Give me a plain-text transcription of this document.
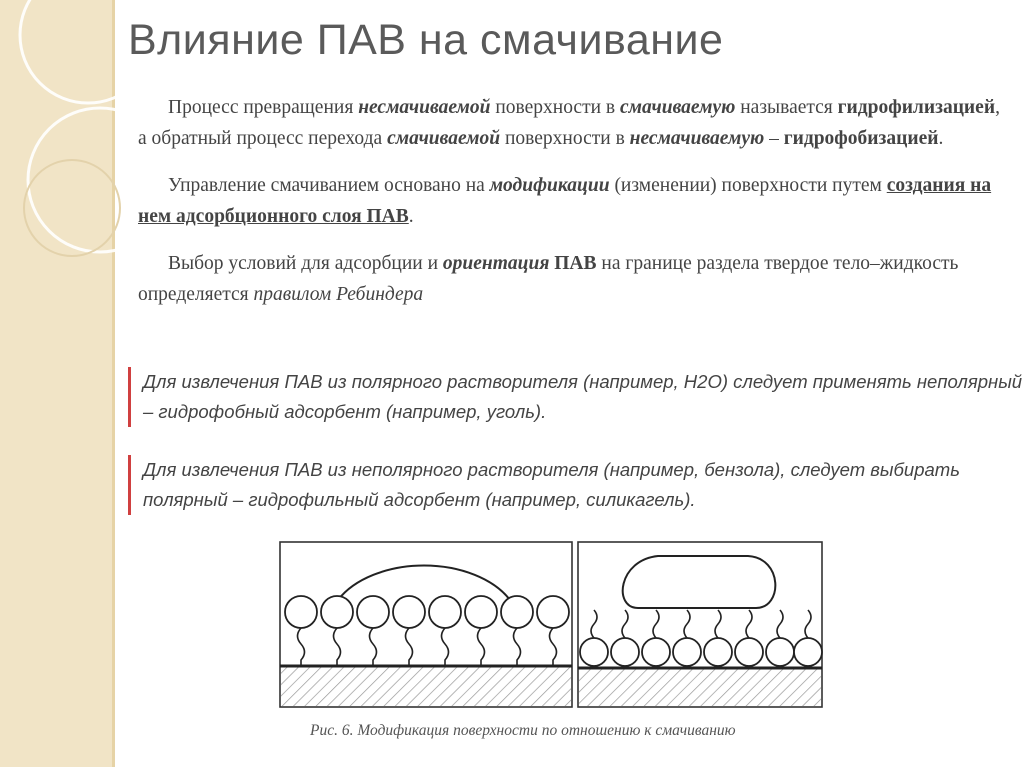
Влияние ПАВ на смачивание

Процесс превращения несмачиваемой поверхности в смачиваемую называется гидрофилизацией, а обратный процесс перехода смачиваемой поверхности в несмачиваемую – гидрофобизацией.

Управление смачиванием основано на модификации (изменении) поверхности путем создания на нем адсорбционного слоя ПАВ.

Выбор условий для адсорбции и ориентация ПАВ на границе раздела твердое тело–жидкость определяется правилом Ребиндера

Для извлечения ПАВ из полярного растворителя (например, Н2О) следует применять неполярный – гидрофобный адсорбент (например, уголь).
Для извлечения ПАВ из неполярного растворителя (например, бензола), следует выбирать полярный – гидрофильный адсорбент (например, силикагель).
Рис. 6. Модификация поверхности по отношению к смачиванию
